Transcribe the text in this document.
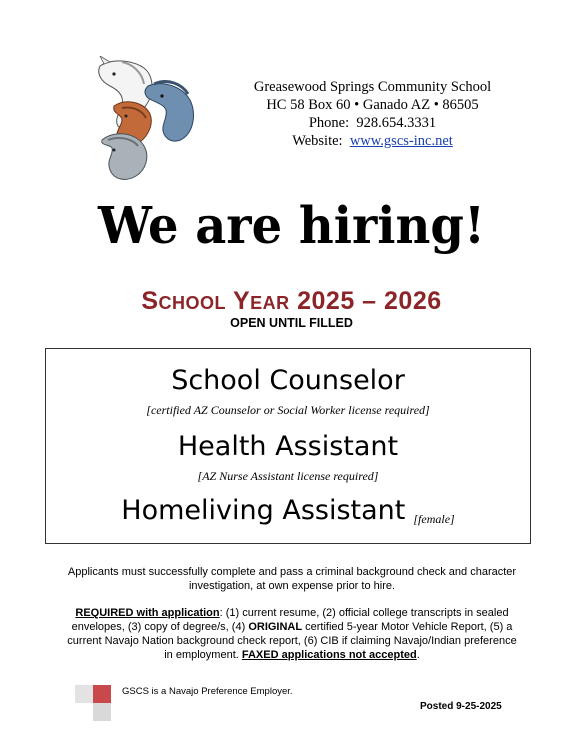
Greasewood Springs Community School
HC 58 Box 60 • Ganado AZ • 86505
Phone: 928.654.3331
Website: www.gscs-inc.net
We are hiring!
School Year 2025 – 2026
OPEN UNTIL FILLED
School Counselor
[certified AZ Counselor or Social Worker license required]
Health Assistant
[AZ Nurse Assistant license required]
Homeliving Assistant [female]
Applicants must successfully complete and pass a criminal background check and character investigation, at own expense prior to hire.
REQUIRED with application: (1) current resume, (2) official college transcripts in sealed envelopes, (3) copy of degree/s, (4) ORIGINAL certified 5-year Motor Vehicle Report, (5) a current Navajo Nation background check report, (6) CIB if claiming Navajo/Indian preference in employment. FAXED applications not accepted.
GSCS is a Navajo Preference Employer.
Posted 9-25-2025
